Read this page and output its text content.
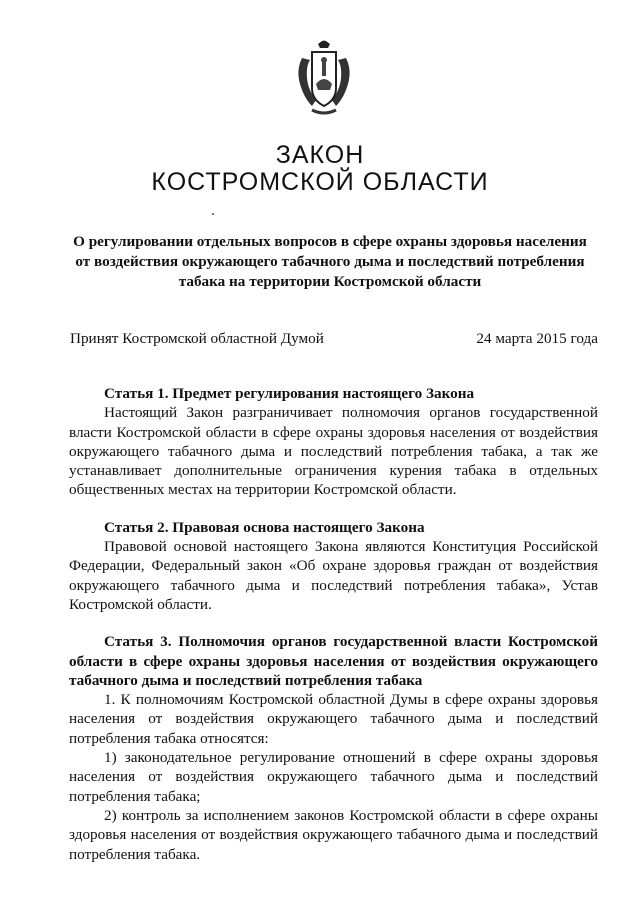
ЗАКОН
КОСТРОМСКОЙ ОБЛАСТИ
О регулировании отдельных вопросов в сфере охраны здоровья населения от воздействия окружающего табачного дыма и последствий потребления табака на территории Костромской области
Принят Костромской областной Думой	24 марта 2015 года

Статья 1. Предмет регулирования настоящего Закона

Настоящий Закон разграничивает полномочия органов государственной власти Костромской области в сфере охраны здоровья населения от воздействия окружающего табачного дыма и последствий потребления табака, а так же устанавливает дополнительные ограничения курения табака в отдельных общественных местах на территории Костромской области.

Статья 2. Правовая основа настоящего Закона

Правовой основой настоящего Закона являются Конституция Российской Федерации, Федеральный закон «Об охране здоровья граждан от воздействия окружающего табачного дыма и последствий потребления табака», Устав Костромской области.

Статья 3. Полномочия органов государственной власти Костромской области в сфере охраны здоровья населения от воздействия окружающего табачного дыма и последствий потребления табака

1. К полномочиям Костромской областной Думы в сфере охраны здоровья населения от воздействия окружающего табачного дыма и последствий потребления табака относятся:

1) законодательное регулирование отношений в сфере охраны здоровья населения от воздействия окружающего табачного дыма и последствий потребления табака;

2) контроль за исполнением законов Костромской области в сфере охраны здоровья населения от воздействия окружающего табачного дыма и последствий потребления табака.
